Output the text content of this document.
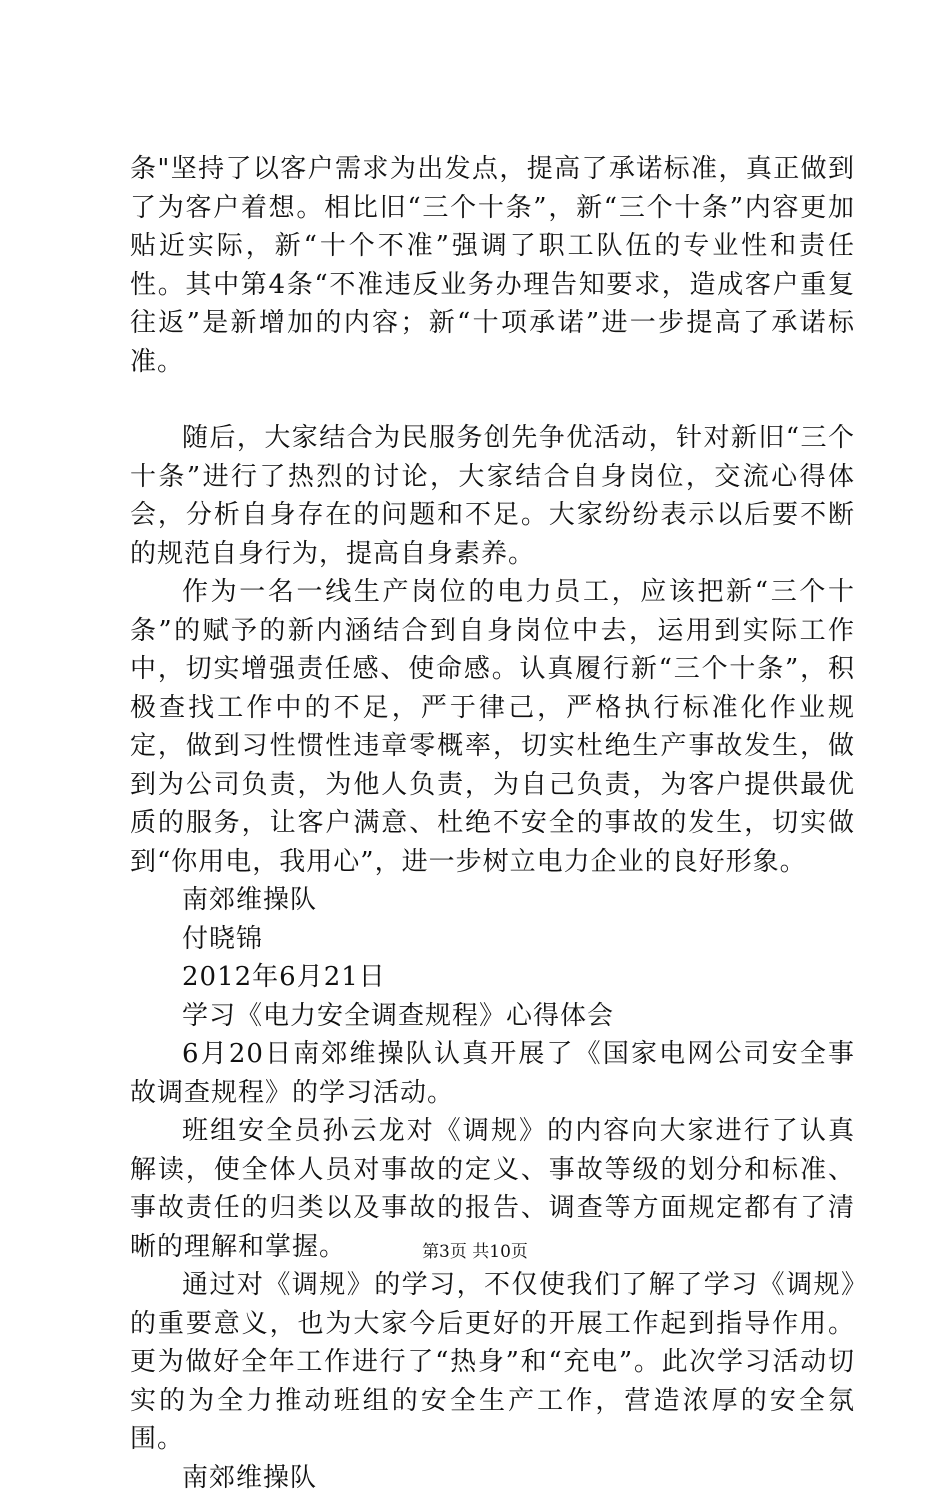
条"坚持了以客户需求为出发点，提高了承诺标准，真正做到了为客户着想。相比旧“三个十条”，新“三个十条”内容更加贴近实际，新“十个不准”强调了职工队伍的专业性和责任性。其中第4条“不准违反业务办理告知要求，造成客户重复往返”是新增加的内容；新“十项承诺”进一步提高了承诺标准。

随后，大家结合为民服务创先争优活动，针对新旧“三个十条”进行了热烈的讨论，大家结合自身岗位，交流心得体会，分析自身存在的问题和不足。大家纷纷表示以后要不断的规范自身行为，提高自身素养。

作为一名一线生产岗位的电力员工，应该把新“三个十条”的赋予的新内涵结合到自身岗位中去，运用到实际工作中，切实增强责任感、使命感。认真履行新“三个十条”，积极查找工作中的不足，严于律己，严格执行标准化作业规定，做到习性惯性违章零概率，切实杜绝生产事故发生，做到为公司负责，为他人负责，为自己负责，为客户提供最优质的服务，让客户满意、杜绝不安全的事故的发生，切实做到“你用电，我用心”，进一步树立电力企业的良好形象。

南郊维操队

付晓锦

2012年6月21日

学习《电力安全调查规程》心得体会

6月20日南郊维操队认真开展了《国家电网公司安全事故调查规程》的学习活动。

班组安全员孙云龙对《调规》的内容向大家进行了认真解读，使全体人员对事故的定义、事故等级的划分和标准、事故责任的归类以及事故的报告、调查等方面规定都有了清晰的理解和掌握。

通过对《调规》的学习，不仅使我们了解了学习《调规》的重要意义，也为大家今后更好的开展工作起到指导作用。更为做好全年工作进行了“热身”和“充电”。此次学习活动切实的为全力推动班组的安全生产工作，营造浓厚的安全氛围。

南郊维操队

第3页 共10页
